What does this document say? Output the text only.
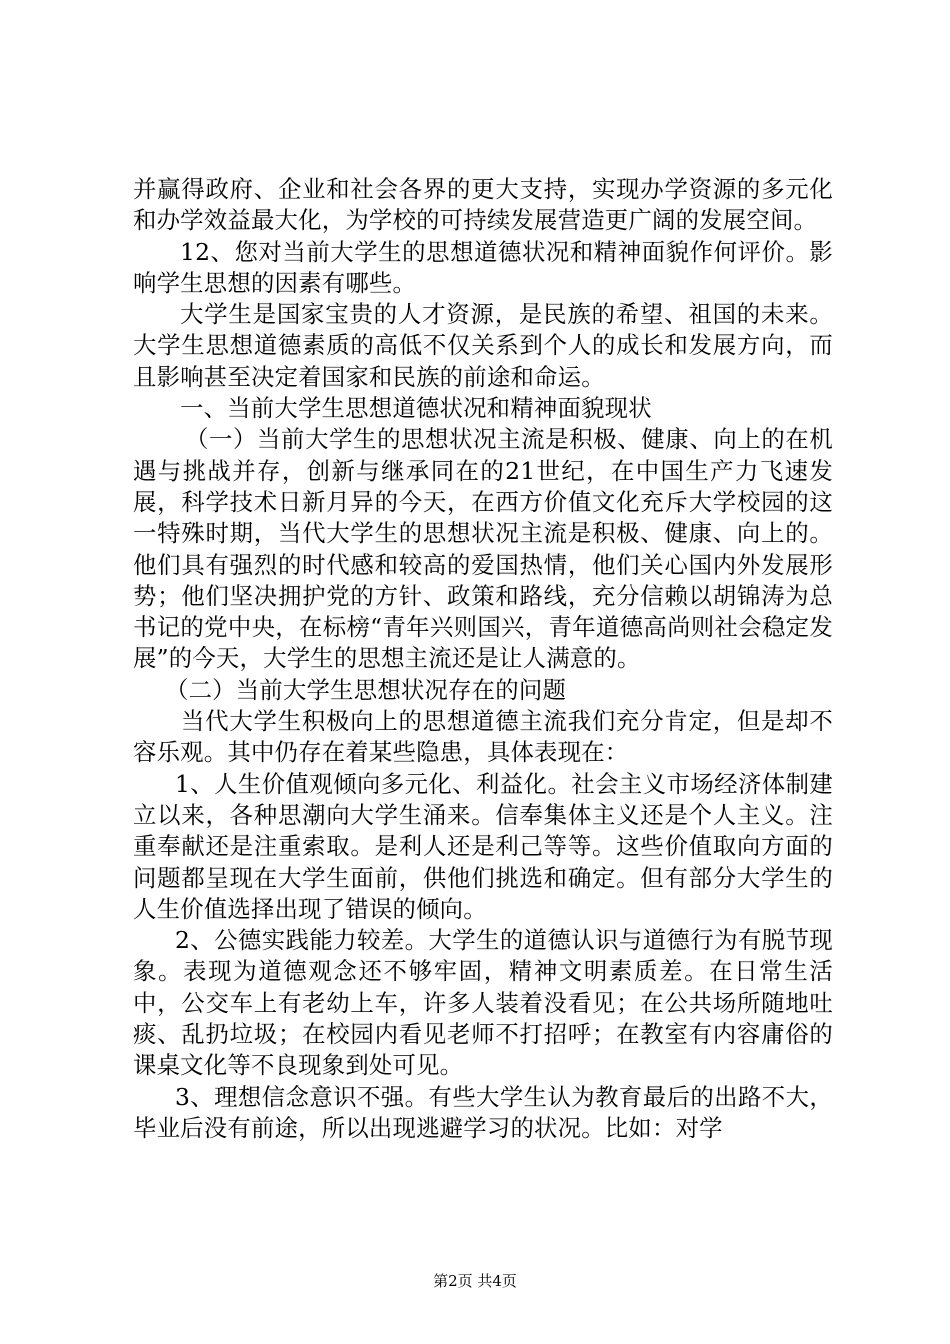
并赢得政府、企业和社会各界的更大支持，实现办学资源的多元化和办学效益最大化，为学校的可持续发展营造更广阔的发展空间。

12、您对当前大学生的思想道德状况和精神面貌作何评价。影响学生思想的因素有哪些。

大学生是国家宝贵的人才资源，是民族的希望、祖国的未来。大学生思想道德素质的高低不仅关系到个人的成长和发展方向，而且影响甚至决定着国家和民族的前途和命运。

一、当前大学生思想道德状况和精神面貌现状

（一）当前大学生的思想状况主流是积极、健康、向上的在机遇与挑战并存，创新与继承同在的21世纪，在中国生产力飞速发展，科学技术日新月异的今天，在西方价值文化充斥大学校园的这一特殊时期，当代大学生的思想状况主流是积极、健康、向上的。他们具有强烈的时代感和较高的爱国热情，他们关心国内外发展形势；他们坚决拥护党的方针、政策和路线，充分信赖以胡锦涛为总书记的党中央，在标榜“青年兴则国兴，青年道德高尚则社会稳定发展”的今天，大学生的思想主流还是让人满意的。

（二）当前大学生思想状况存在的问题

当代大学生积极向上的思想道德主流我们充分肯定，但是却不容乐观。其中仍存在着某些隐患，具体表现在：

1、人生价值观倾向多元化、利益化。社会主义市场经济体制建立以来，各种思潮向大学生涌来。信奉集体主义还是个人主义。注重奉献还是注重索取。是利人还是利己等等。这些价值取向方面的问题都呈现在大学生面前，供他们挑选和确定。但有部分大学生的人生价值选择出现了错误的倾向。

2、公德实践能力较差。大学生的道德认识与道德行为有脱节现象。表现为道德观念还不够牢固，精神文明素质差。在日常生活中，公交车上有老幼上车，许多人装着没看见；在公共场所随地吐痰、乱扔垃圾；在校园内看见老师不打招呼；在教室有内容庸俗的课桌文化等不良现象到处可见。

3、理想信念意识不强。有些大学生认为教育最后的出路不大，毕业后没有前途，所以出现逃避学习的状况。比如：对学

第2页 共4页
